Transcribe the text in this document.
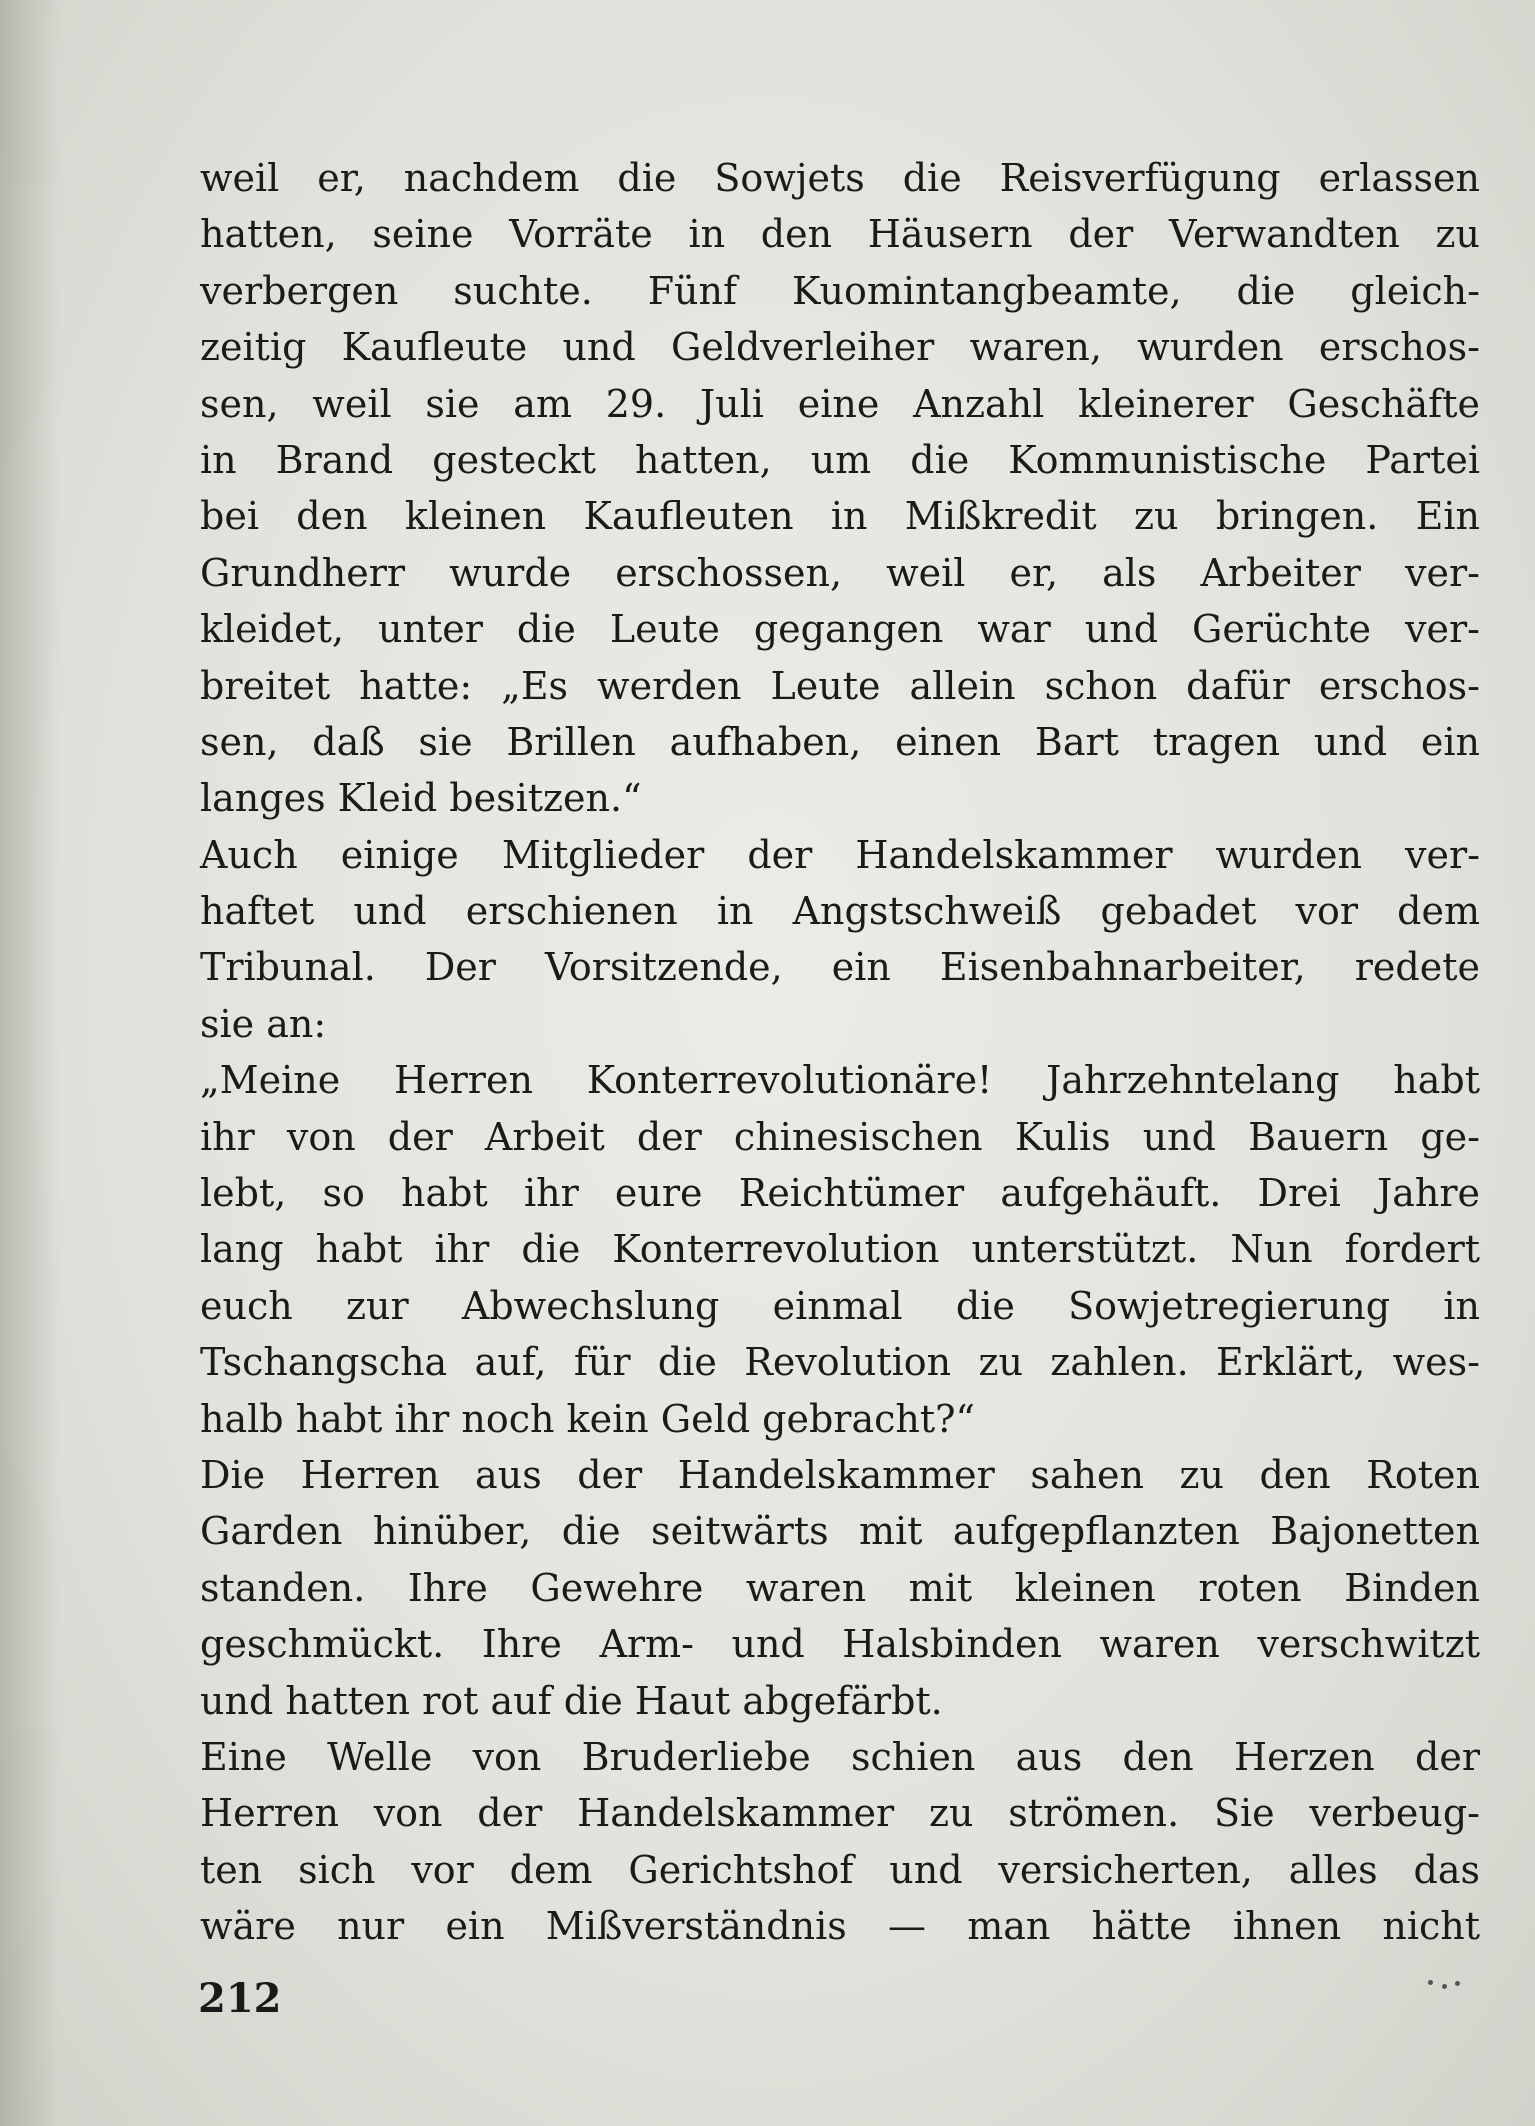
weil er, nachdem die Sowjets die Reisverfügung erlassen
hatten, seine Vorräte in den Häusern der Verwandten zu
verbergen suchte. Fünf Kuomintangbeamte, die gleich-
zeitig Kaufleute und Geldverleiher waren, wurden erschos-
sen, weil sie am 29. Juli eine Anzahl kleinerer Geschäfte
in Brand gesteckt hatten, um die Kommunistische Partei
bei den kleinen Kaufleuten in Mißkredit zu bringen. Ein
Grundherr wurde erschossen, weil er, als Arbeiter ver-
kleidet, unter die Leute gegangen war und Gerüchte ver-
breitet hatte: „Es werden Leute allein schon dafür erschos-
sen, daß sie Brillen aufhaben, einen Bart tragen und ein
langes Kleid besitzen.“
Auch einige Mitglieder der Handelskammer wurden ver-
haftet und erschienen in Angstschweiß gebadet vor dem
Tribunal. Der Vorsitzende, ein Eisenbahnarbeiter, redete
sie an:
„Meine Herren Konterrevolutionäre! Jahrzehntelang habt
ihr von der Arbeit der chinesischen Kulis und Bauern ge-
lebt, so habt ihr eure Reichtümer aufgehäuft. Drei Jahre
lang habt ihr die Konterrevolution unterstützt. Nun fordert
euch zur Abwechslung einmal die Sowjetregierung in
Tschangscha auf, für die Revolution zu zahlen. Erklärt, wes-
halb habt ihr noch kein Geld gebracht?“
Die Herren aus der Handelskammer sahen zu den Roten
Garden hinüber, die seitwärts mit aufgepflanzten Bajonetten
standen. Ihre Gewehre waren mit kleinen roten Binden
geschmückt. Ihre Arm- und Halsbinden waren verschwitzt
und hatten rot auf die Haut abgefärbt.
Eine Welle von Bruderliebe schien aus den Herzen der
Herren von der Handelskammer zu strömen. Sie verbeug-
ten sich vor dem Gerichtshof und versicherten, alles das
wäre nur ein Mißverständnis — man hätte ihnen nicht
212
